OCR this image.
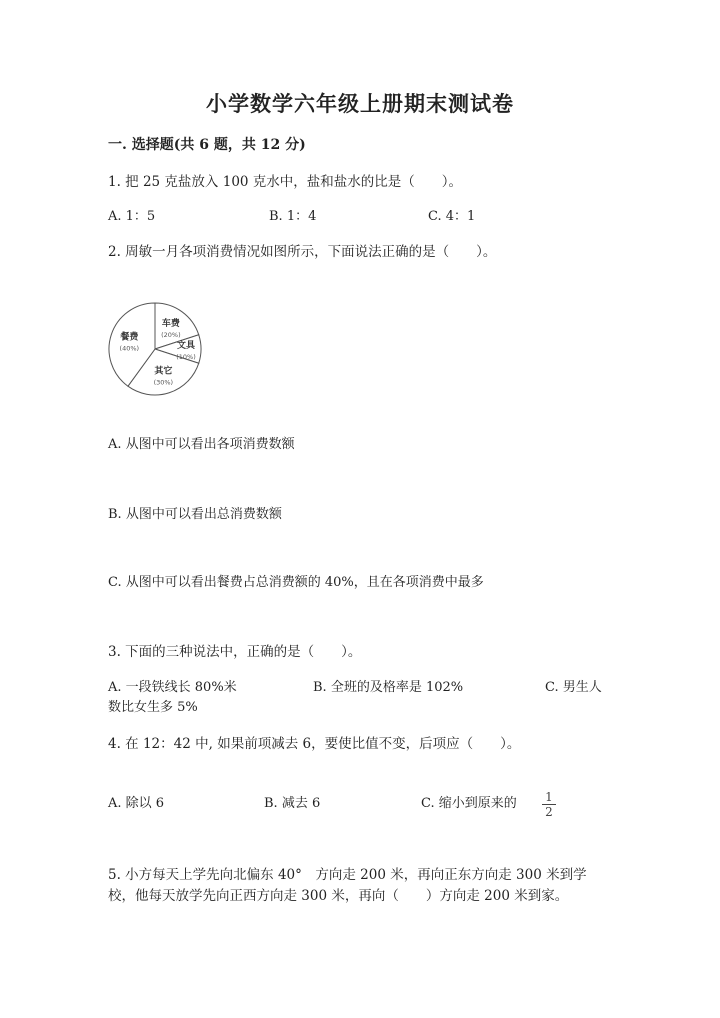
小学数学六年级上册期末测试卷
一. 选择题(共 6 题，共 12 分)
1. 把 25 克盐放入 100 克水中，盐和盐水的比是（　　）。
A. 1：5	B. 1：4	C. 4：1
2. 周敏一月各项消费情况如图所示，下面说法正确的是（　　）。
车费
(20%)
文具
(10%)
其它
(30%)
餐费
(40%)
A. 从图中可以看出各项消费数额
B. 从图中可以看出总消费数额
C. 从图中可以看出餐费占总消费额的 40%，且在各项消费中最多
3. 下面的三种说法中，正确的是（　　）。
A. 一段铁线长 80%米	B. 全班的及格率是 102%	C. 男生人
数比女生多 5%
4. 在 12：42 中, 如果前项减去 6，要使比值不变，后项应（　　）。
A. 除以 6	B. 减去 6	C. 缩小到原来的 $\frac{1}{2}$
5. 小方每天上学先向北偏东 40°　方向走 200 米，再向正东方向走 300 米到学
校，他每天放学先向正西方向走 300 米，再向（　　）方向走 200 米到家。
